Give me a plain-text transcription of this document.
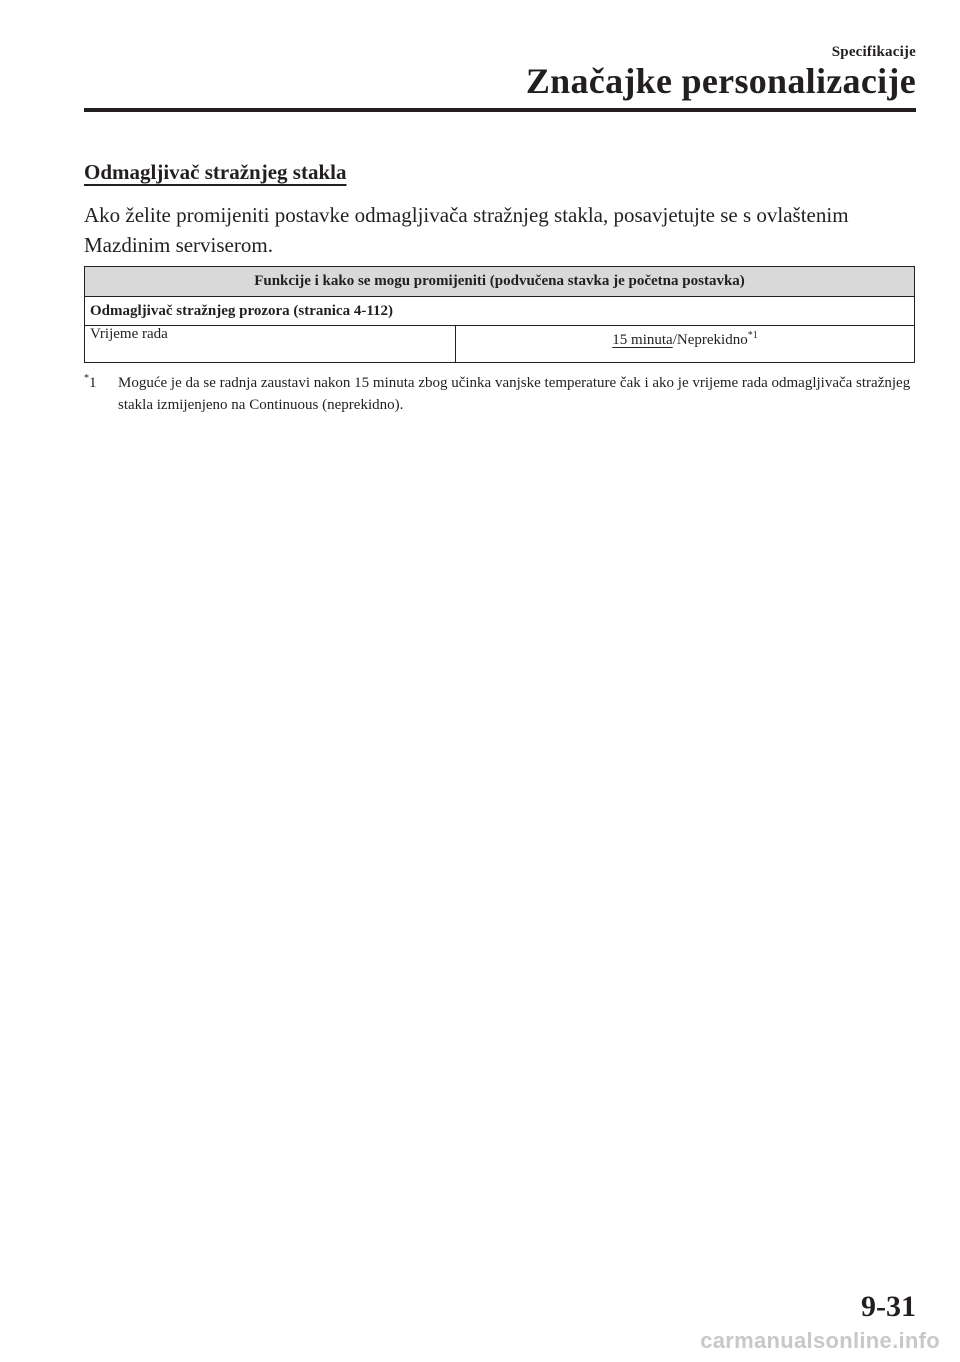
Specifikacije
Značajke personalizacije
Odmagljivač stražnjeg stakla
Ako želite promijeniti postavke odmagljivača stražnjeg stakla, posavjetujte se s ovlaštenim Mazdinim serviserom.
Funkcije i kako se mogu promijeniti (podvučena stavka je početna postavka)
Odmagljivač stražnjeg prozora (stranica 4-112)
Vrijeme rada	15 minuta/Neprekidno$^{*1}$
*1 Moguće je da se radnja zaustavi nakon 15 minuta zbog učinka vanjske temperature čak i ako je vrijeme rada odmagljivača stražnjeg stakla izmijenjeno na Continuous (neprekidno).
9-31
carmanualsonline.info
